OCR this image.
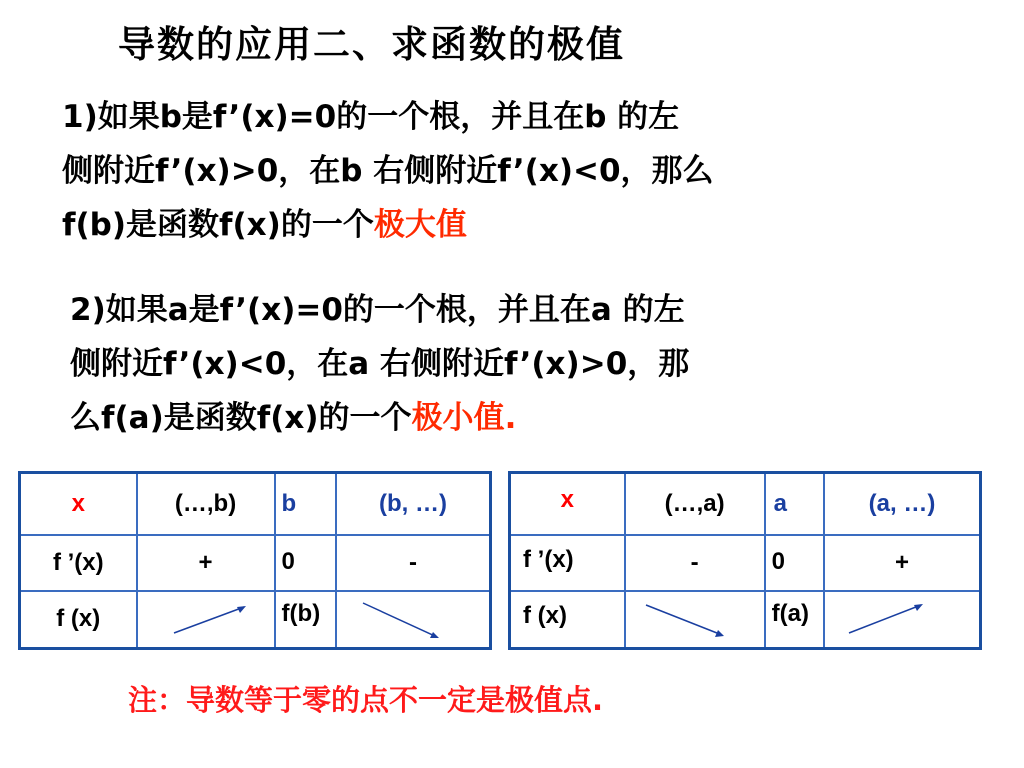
导数的应用二、求函数的极值
1)如果b是f’(x)=0的一个根，并且在b 的左
侧附近f’(x)>0，在b 右侧附近f’(x)<0，那么
f(b)是函数f(x)的一个极大值
2)如果a是f’(x)=0的一个根，并且在a 的左
侧附近f’(x)<0，在a 右侧附近f’(x)>0，那
么f(a)是函数f(x)的一个极小值.
x	(…,b)	b	(b, …)
f ’(x)	+	0	-
f (x)		f(b)	
x	(…,a)	a	(a, …)
f ’(x)	-	0	+
f (x)		f(a)	
注：导数等于零的点不一定是极值点.
